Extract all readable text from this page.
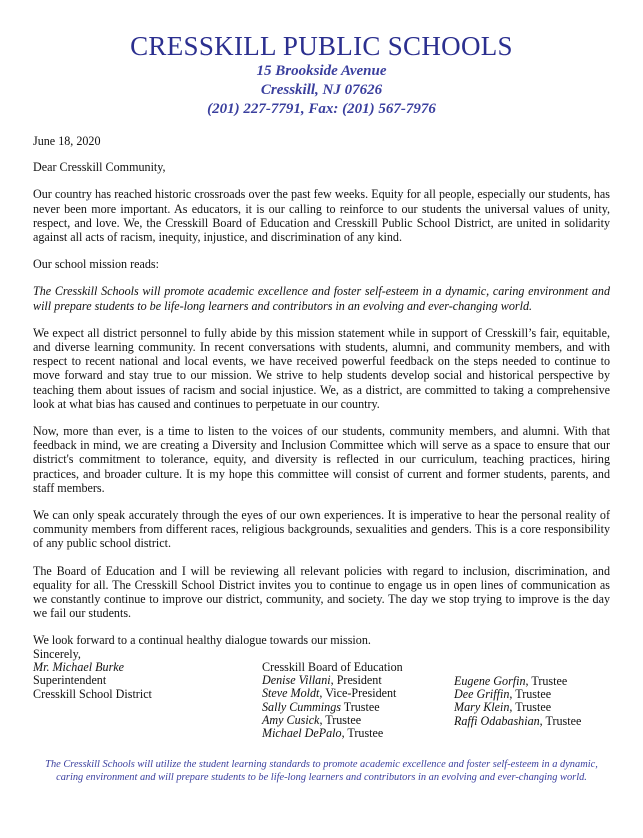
CRESSKILL PUBLIC SCHOOLS
15 Brookside Avenue
Cresskill, NJ 07626
(201) 227-7791, Fax: (201) 567-7976

June 18, 2020

Dear Cresskill Community,

Our country has reached historic crossroads over the past few weeks. Equity for all people, especially our students, has never been more important. As educators, it is our calling to reinforce to our students the universal values of unity, respect, and love. We, the Cresskill Board of Education and Cresskill Public School District, are united in solidarity against all acts of racism, inequity, injustice, and discrimination of any kind.

Our school mission reads:

The Cresskill Schools will promote academic excellence and foster self-esteem in a dynamic, caring environment and will prepare students to be life-long learners and contributors in an evolving and ever-changing world.

We expect all district personnel to fully abide by this mission statement while in support of Cresskill’s fair, equitable, and diverse learning community. In recent conversations with students, alumni, and community members, and with respect to recent national and local events, we have received powerful feedback on the steps needed to continue to move forward and stay true to our mission. We strive to help students develop social and historical perspective by teaching them about issues of racism and social injustice. We, as a district, are committed to taking a comprehensive look at what bias has caused and continues to perpetuate in our country.

Now, more than ever, is a time to listen to the voices of our students, community members, and alumni. With that feedback in mind, we are creating a Diversity and Inclusion Committee which will serve as a space to ensure that our district's commitment to tolerance, equity, and diversity is reflected in our curriculum, teaching practices, hiring practices, and broader culture. It is my hope this committee will consist of current and former students, parents, and staff members.

We can only speak accurately through the eyes of our own experiences. It is imperative to hear the personal reality of community members from different races, religious backgrounds, sexualities and genders. This is a core responsibility of any public school district.

The Board of Education and I will be reviewing all relevant policies with regard to inclusion, discrimination, and equality for all. The Cresskill School District invites you to continue to engage us in open lines of communication as we constantly continue to improve our district, community, and society. The day we stop trying to improve is the day we fail our students.

We look forward to a continual healthy dialogue towards our mission.

Sincerely,
Mr. Michael Burke
Superintendent
Cresskill School District
Cresskill Board of Education
Denise Villani, President
Steve Moldt, Vice-President
Sally Cummings Trustee
Amy Cusick, Trustee
Michael DePalo, Trustee
Eugene Gorfin, Trustee
Dee Griffin, Trustee
Mary Klein, Trustee
Raffi Odabashian, Trustee
The Cresskill Schools will utilize the student learning standards to promote academic excellence and foster self-esteem in a dynamic,
caring environment and will prepare students to be life-long learners and contributors in an evolving and ever-changing world.
